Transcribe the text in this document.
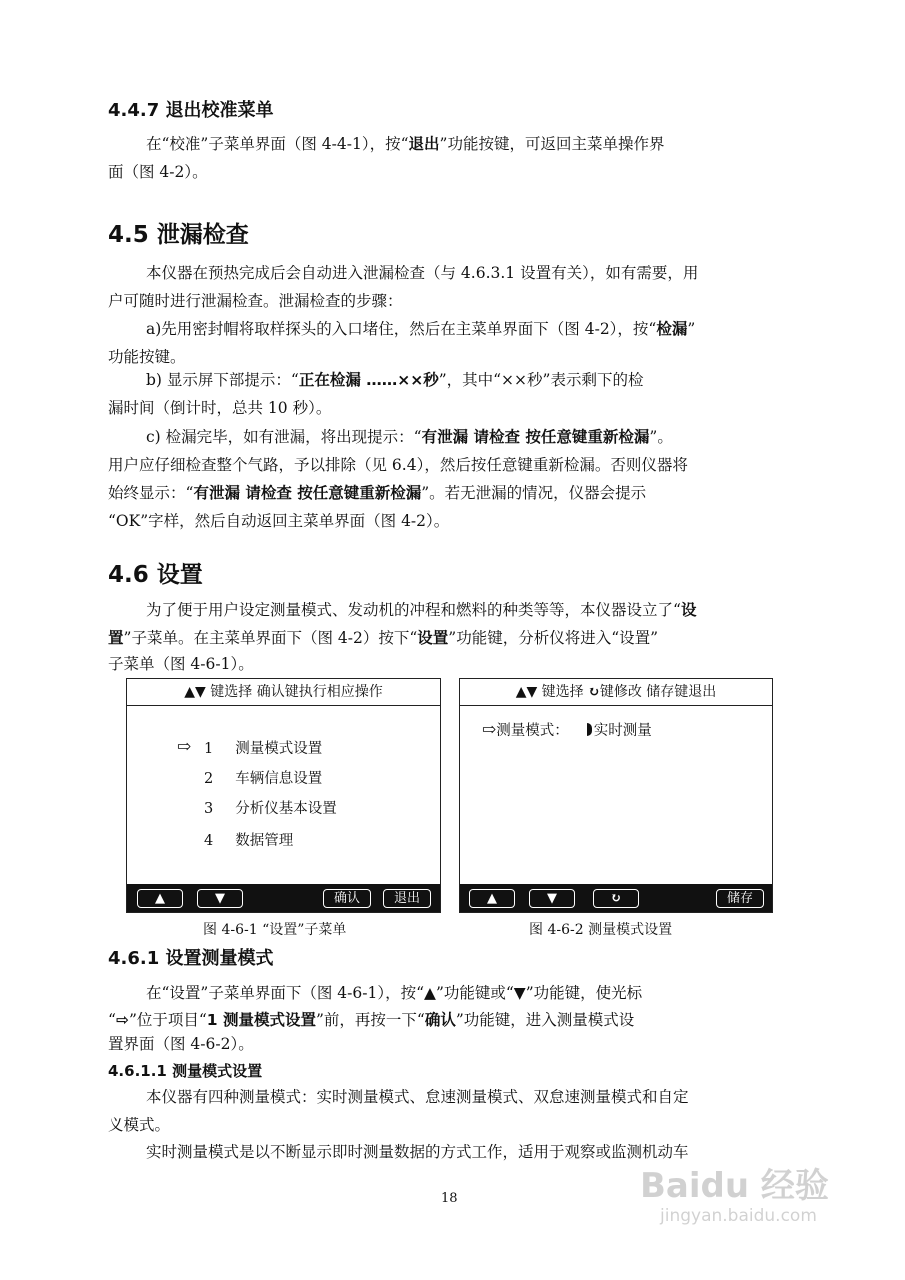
4.4.7 退出校准菜单
在“校准”子菜单界面（图 4-4-1），按“退出”功能按键，可返回主菜单操作界
面（图 4-2）。
4.5 泄漏检查
本仪器在预热完成后会自动进入泄漏检查（与 4.6.3.1 设置有关），如有需要，用
户可随时进行泄漏检查。泄漏检查的步骤：
a)先用密封帽将取样探头的入口堵住，然后在主菜单界面下（图 4-2），按“检漏”
功能按键。
b) 显示屏下部提示：“正在检漏 ……××秒”，其中“××秒”表示剩下的检
漏时间（倒计时，总共 10 秒）。
c) 检漏完毕，如有泄漏，将出现提示：“有泄漏 请检查 按任意键重新检漏”。
用户应仔细检查整个气路，予以排除（见 6.4），然后按任意键重新检漏。否则仪器将
始终显示：“有泄漏 请检查 按任意键重新检漏”。若无泄漏的情况，仪器会提示
“OK”字样，然后自动返回主菜单界面（图 4-2）。
4.6 设置
为了便于用户设定测量模式、发动机的冲程和燃料的种类等等，本仪器设立了“设
置”子菜单。在主菜单界面下（图 4-2）按下“设置”功能键，分析仪将进入“设置”
子菜单（图 4-6-1）。
▲▼ 键选择 确认键执行相应操作
⇨ 1 测量模式设置
2 车辆信息设置
3 分析仪基本设置
4 数据管理
▲	▼	确认	退出
图 4-6-1 “设置”子菜单
▲▼ 键选择 ↻键修改 储存键退出
⇨测量模式： 实时测量
▲	▼	↻	储存
图 4-6-2 测量模式设置
4.6.1 设置测量模式
在“设置”子菜单界面下（图 4-6-1），按“▲”功能键或“▼”功能键，使光标
“⇨”位于项目“1 测量模式设置”前，再按一下“确认”功能键，进入测量模式设
置界面（图 4-6-2）。
4.6.1.1 测量模式设置
本仪器有四种测量模式：实时测量模式、怠速测量模式、双怠速测量模式和自定
义模式。
实时测量模式是以不断显示即时测量数据的方式工作，适用于观察或监测机动车
18	Baidu 经验
jingyan.baidu.com
